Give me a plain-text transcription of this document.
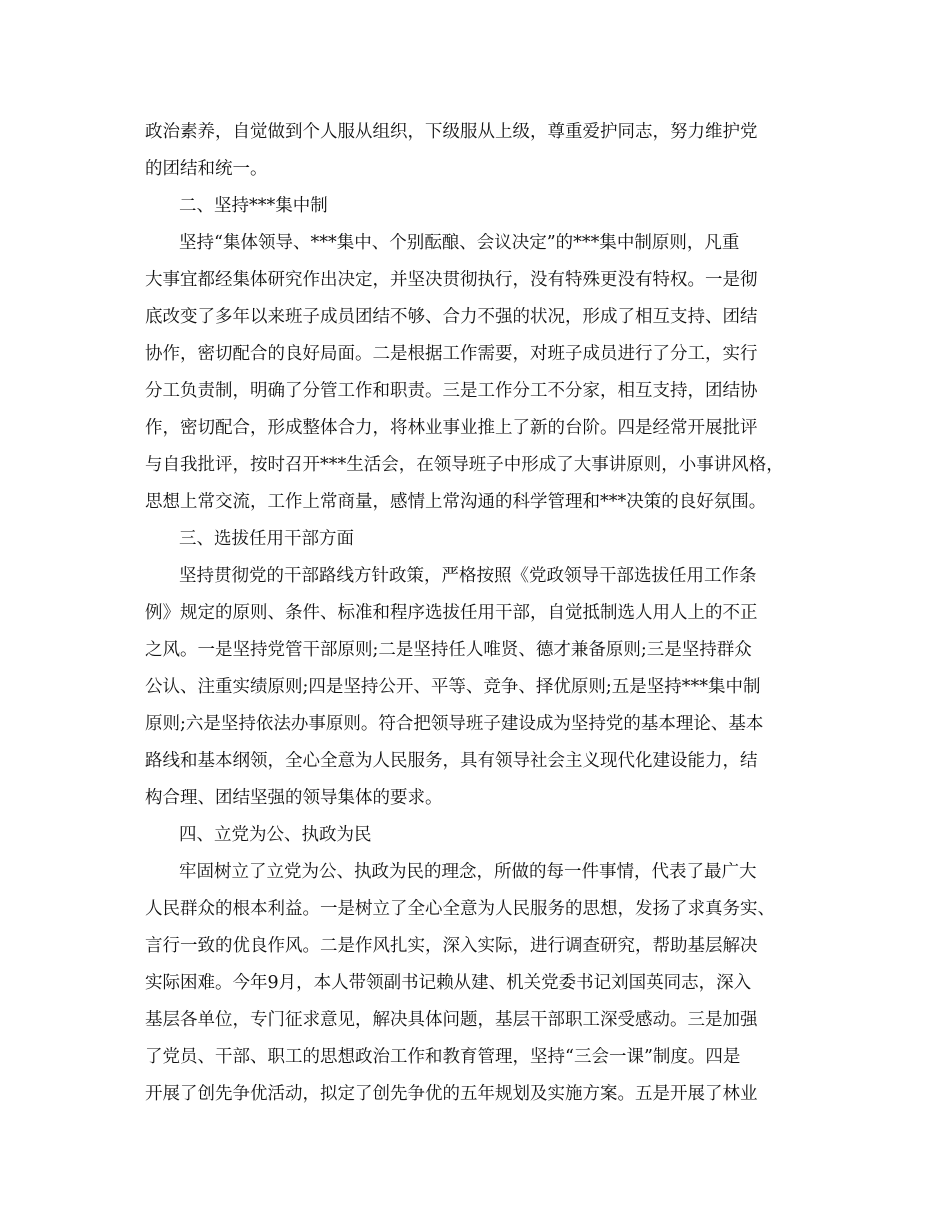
政治素养，自觉做到个人服从组织，下级服从上级，尊重爱护同志，努力维护党
的团结和统一。
二、坚持***集中制
坚持“集体领导、***集中、个别酝酿、会议决定”的***集中制原则，凡重
大事宜都经集体研究作出决定，并坚决贯彻执行，没有特殊更没有特权。一是彻
底改变了多年以来班子成员团结不够、合力不强的状况，形成了相互支持、团结
协作，密切配合的良好局面。二是根据工作需要，对班子成员进行了分工，实行
分工负责制，明确了分管工作和职责。三是工作分工不分家，相互支持，团结协
作，密切配合，形成整体合力，将林业事业推上了新的台阶。四是经常开展批评
与自我批评，按时召开***生活会，在领导班子中形成了大事讲原则，小事讲风格，
思想上常交流，工作上常商量，感情上常沟通的科学管理和***决策的良好氛围。
三、选拔任用干部方面
坚持贯彻党的干部路线方针政策，严格按照《党政领导干部选拔任用工作条
例》规定的原则、条件、标准和程序选拔任用干部，自觉抵制选人用人上的不正
之风。一是坚持党管干部原则;二是坚持任人唯贤、德才兼备原则;三是坚持群众
公认、注重实绩原则;四是坚持公开、平等、竞争、择优原则;五是坚持***集中制
原则;六是坚持依法办事原则。符合把领导班子建设成为坚持党的基本理论、基本
路线和基本纲领，全心全意为人民服务，具有领导社会主义现代化建设能力，结
构合理、团结坚强的领导集体的要求。
四、立党为公、执政为民
牢固树立了立党为公、执政为民的理念，所做的每一件事情，代表了最广大
人民群众的根本利益。一是树立了全心全意为人民服务的思想，发扬了求真务实、
言行一致的优良作风。二是作风扎实，深入实际，进行调查研究，帮助基层解决
实际困难。今年9月，本人带领副书记赖从建、机关党委书记刘国英同志，深入
基层各单位，专门征求意见，解决具体问题，基层干部职工深受感动。三是加强
了党员、干部、职工的思想政治工作和教育管理，坚持“三会一课”制度。四是
开展了创先争优活动，拟定了创先争优的五年规划及实施方案。五是开展了林业
